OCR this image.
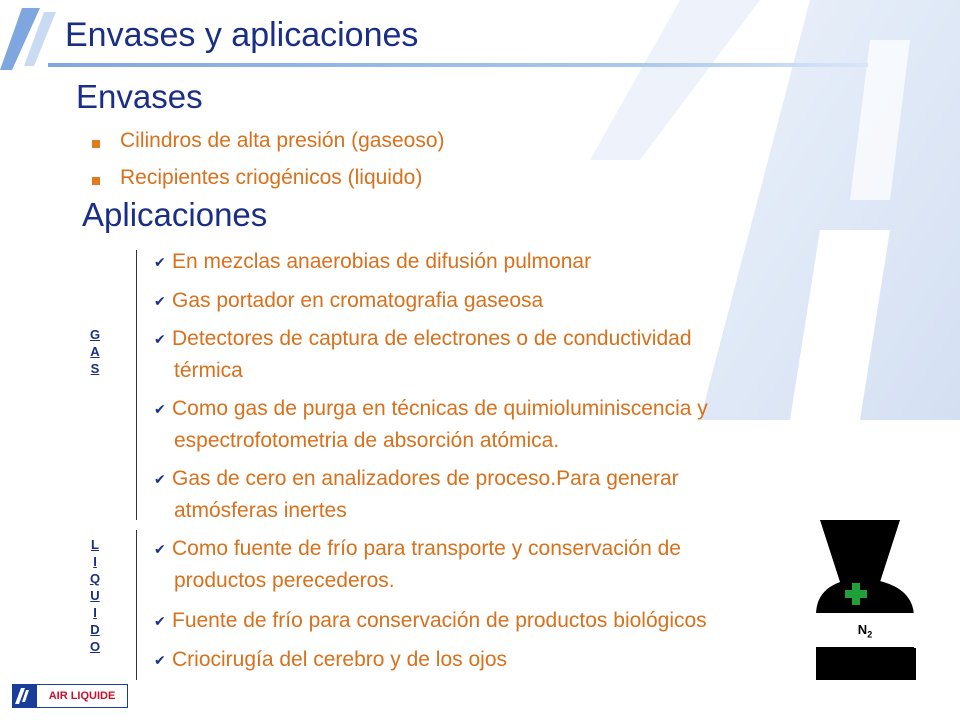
Envases y aplicaciones
Envases
Cilindros de alta presión (gaseoso)
Recipientes criogénicos (liquido)
Aplicaciones
G
A
S
L
I
Q
U
I
D
O
✔ En mezclas anaerobias de difusión pulmonar
✔ Gas portador en cromatografia gaseosa
✔ Detectores de captura de electrones o de conductividad
térmica
✔ Como gas de purga en técnicas de quimioluminiscencia y
espectrofotometria de absorción atómica.
✔ Gas de cero en analizadores de proceso.Para generar
atmósferas inertes
✔ Como fuente de frío para transporte y conservación de
productos perecederos.
✔ Fuente de frío para conservación de productos biológicos
✔ Criocirugía del cerebro y de los ojos
$N_2$
AIR LIQUIDE
